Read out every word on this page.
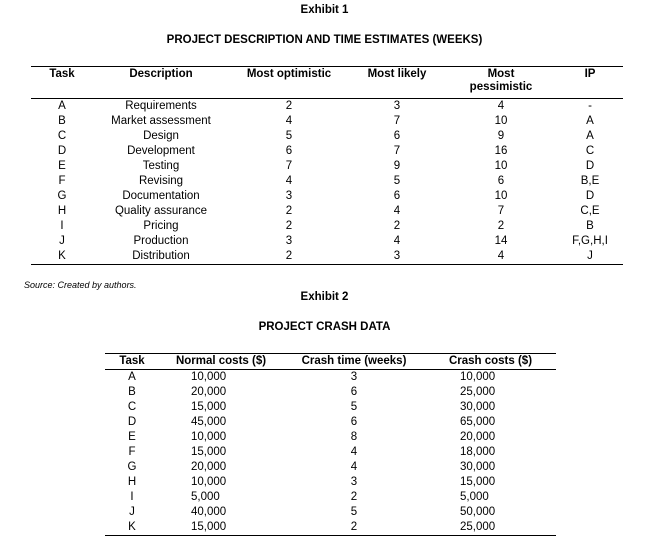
Exhibit 1
PROJECT DESCRIPTION AND TIME ESTIMATES (WEEKS)
Task	Description	Most optimistic	Most likely	Most pessimistic	IP
A	Requirements	2	3	4	-
B	Market assessment	4	7	10	A
C	Design	5	6	9	A
D	Development	6	7	16	C
E	Testing	7	9	10	D
F	Revising	4	5	6	B,E
G	Documentation	3	6	10	D
H	Quality assurance	2	4	7	C,E
I	Pricing	2	2	2	B
J	Production	3	4	14	F,G,H,I
K	Distribution	2	3	4	J
Source: Created by authors.
Exhibit 2
PROJECT CRASH DATA
Task	Normal costs ($)	Crash time (weeks)	Crash costs ($)
A	10,000	3	10,000
B	20,000	6	25,000
C	15,000	5	30,000
D	45,000	6	65,000
E	10,000	8	20,000
F	15,000	4	18,000
G	20,000	4	30,000
H	10,000	3	15,000
I	5,000	2	5,000
J	40,000	5	50,000
K	15,000	2	25,000
